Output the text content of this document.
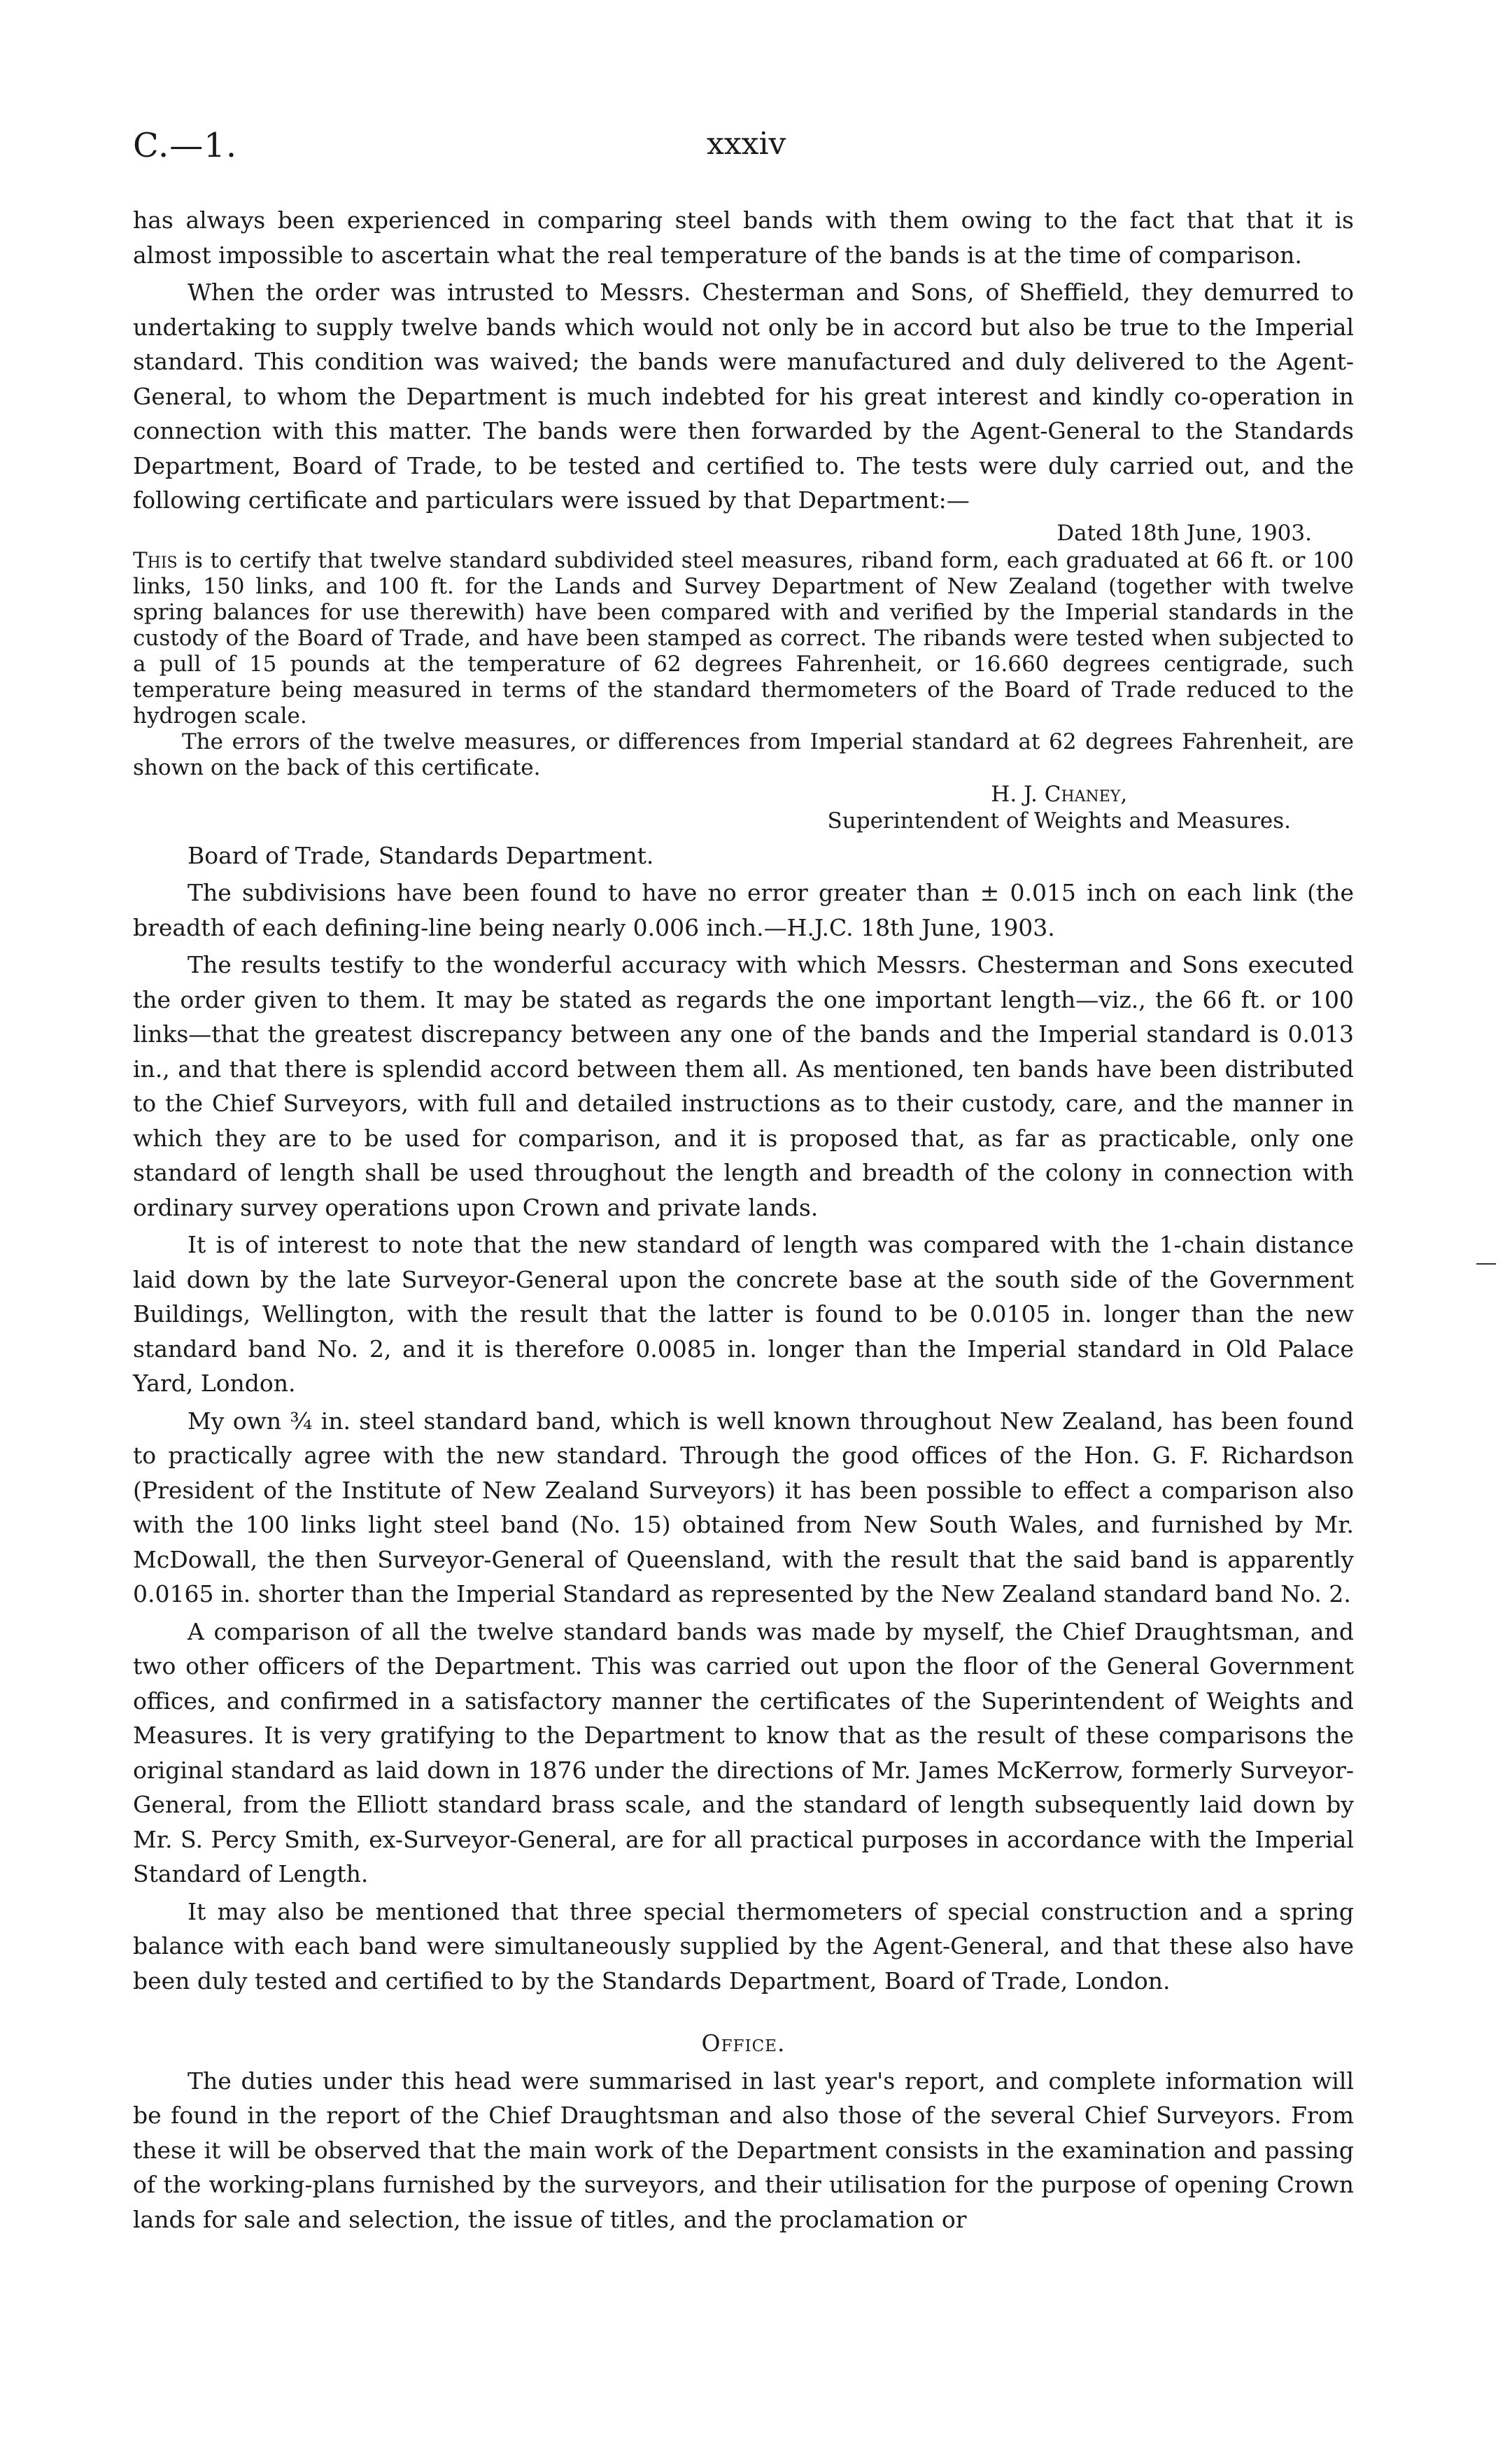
C.—1.	xxxiv

has always been experienced in comparing steel bands with them owing to the fact that that it is almost impossible to ascertain what the real temperature of the bands is at the time of comparison.

When the order was intrusted to Messrs. Chesterman and Sons, of Sheffield, they demurred to undertaking to supply twelve bands which would not only be in accord but also be true to the Imperial standard. This condition was waived; the bands were manufactured and duly delivered to the Agent-General, to whom the Department is much indebted for his great interest and kindly co-operation in connection with this matter. The bands were then forwarded by the Agent-General to the Standards Department, Board of Trade, to be tested and certified to. The tests were duly carried out, and the following certificate and particulars were issued by that Department:—

Dated 18th June, 1903.

This is to certify that twelve standard subdivided steel measures, riband form, each graduated at 66 ft. or 100 links, 150 links, and 100 ft. for the Lands and Survey Department of New Zealand (together with twelve spring balances for use therewith) have been compared with and verified by the Imperial standards in the custody of the Board of Trade, and have been stamped as correct. The ribands were tested when subjected to a pull of 15 pounds at the temperature of 62 degrees Fahrenheit, or 16.660 degrees centigrade, such temperature being measured in terms of the standard thermometers of the Board of Trade reduced to the hydrogen scale.

The errors of the twelve measures, or differences from Imperial standard at 62 degrees Fahrenheit, are shown on the back of this certificate.

H. J. Chaney,
Superintendent of Weights and Measures.

Board of Trade, Standards Department.

The subdivisions have been found to have no error greater than ± 0.015 inch on each link (the breadth of each defining-line being nearly 0.006 inch.—H.J.C. 18th June, 1903.

The results testify to the wonderful accuracy with which Messrs. Chesterman and Sons executed the order given to them. It may be stated as regards the one important length—viz., the 66 ft. or 100 links—that the greatest discrepancy between any one of the bands and the Imperial standard is 0.013 in., and that there is splendid accord between them all. As mentioned, ten bands have been distributed to the Chief Surveyors, with full and detailed instructions as to their custody, care, and the manner in which they are to be used for comparison, and it is proposed that, as far as practicable, only one standard of length shall be used throughout the length and breadth of the colony in connection with ordinary survey operations upon Crown and private lands.

It is of interest to note that the new standard of length was compared with the 1-chain distance laid down by the late Surveyor-General upon the concrete base at the south side of the Government Buildings, Wellington, with the result that the latter is found to be 0.0105 in. longer than the new standard band No. 2, and it is therefore 0.0085 in. longer than the Imperial standard in Old Palace Yard, London.

My own ¾ in. steel standard band, which is well known throughout New Zealand, has been found to practically agree with the new standard. Through the good offices of the Hon. G. F. Richardson (President of the Institute of New Zealand Surveyors) it has been possible to effect a comparison also with the 100 links light steel band (No. 15) obtained from New South Wales, and furnished by Mr. McDowall, the then Surveyor-General of Queensland, with the result that the said band is apparently 0.0165 in. shorter than the Imperial Standard as represented by the New Zealand standard band No. 2.

A comparison of all the twelve standard bands was made by myself, the Chief Draughtsman, and two other officers of the Department. This was carried out upon the floor of the General Government offices, and confirmed in a satisfactory manner the certificates of the Superintendent of Weights and Measures. It is very gratifying to the Department to know that as the result of these comparisons the original standard as laid down in 1876 under the directions of Mr. James McKerrow, formerly Surveyor-General, from the Elliott standard brass scale, and the standard of length subsequently laid down by Mr. S. Percy Smith, ex-Surveyor-General, are for all practical purposes in accordance with the Imperial Standard of Length.

It may also be mentioned that three special thermometers of special construction and a spring balance with each band were simultaneously supplied by the Agent-General, and that these also have been duly tested and certified to by the Standards Department, Board of Trade, London.

Office.

The duties under this head were summarised in last year's report, and complete information will be found in the report of the Chief Draughtsman and also those of the several Chief Surveyors. From these it will be observed that the main work of the Department consists in the examination and passing of the working-plans furnished by the surveyors, and their utilisation for the purpose of opening Crown lands for sale and selection, the issue of titles, and the proclamation or
